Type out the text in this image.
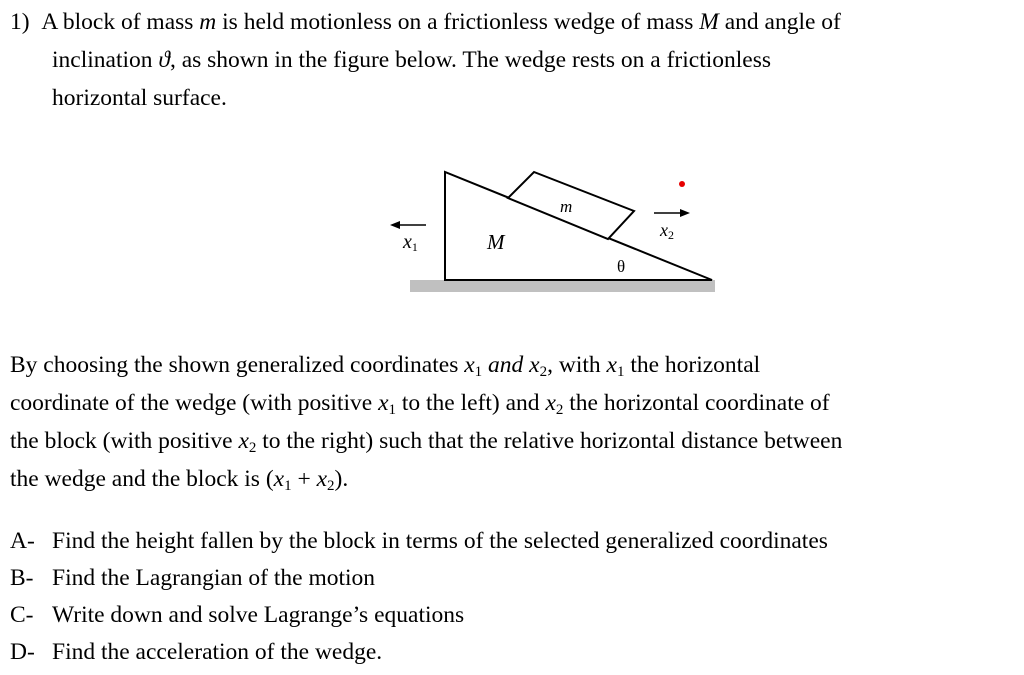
1) A block of mass m is held motionless on a frictionless wedge of mass M and angle of
inclination ϑ, as shown in the figure below. The wedge rests on a frictionless
horizontal surface.
x1
x2
M
m
θ
By choosing the shown generalized coordinates $x_1$ and $x_2$, with $x_1$ the horizontal
coordinate of the wedge (with positive $x_1$ to the left) and $x_2$ the horizontal coordinate of
the block (with positive $x_2$ to the right) such that the relative horizontal distance between
the wedge and the block is $(x_1 + x_2)$.
A- Find the height fallen by the block in terms of the selected generalized coordinates
B- Find the Lagrangian of the motion
C- Write down and solve Lagrange’s equations
D- Find the acceleration of the wedge.
